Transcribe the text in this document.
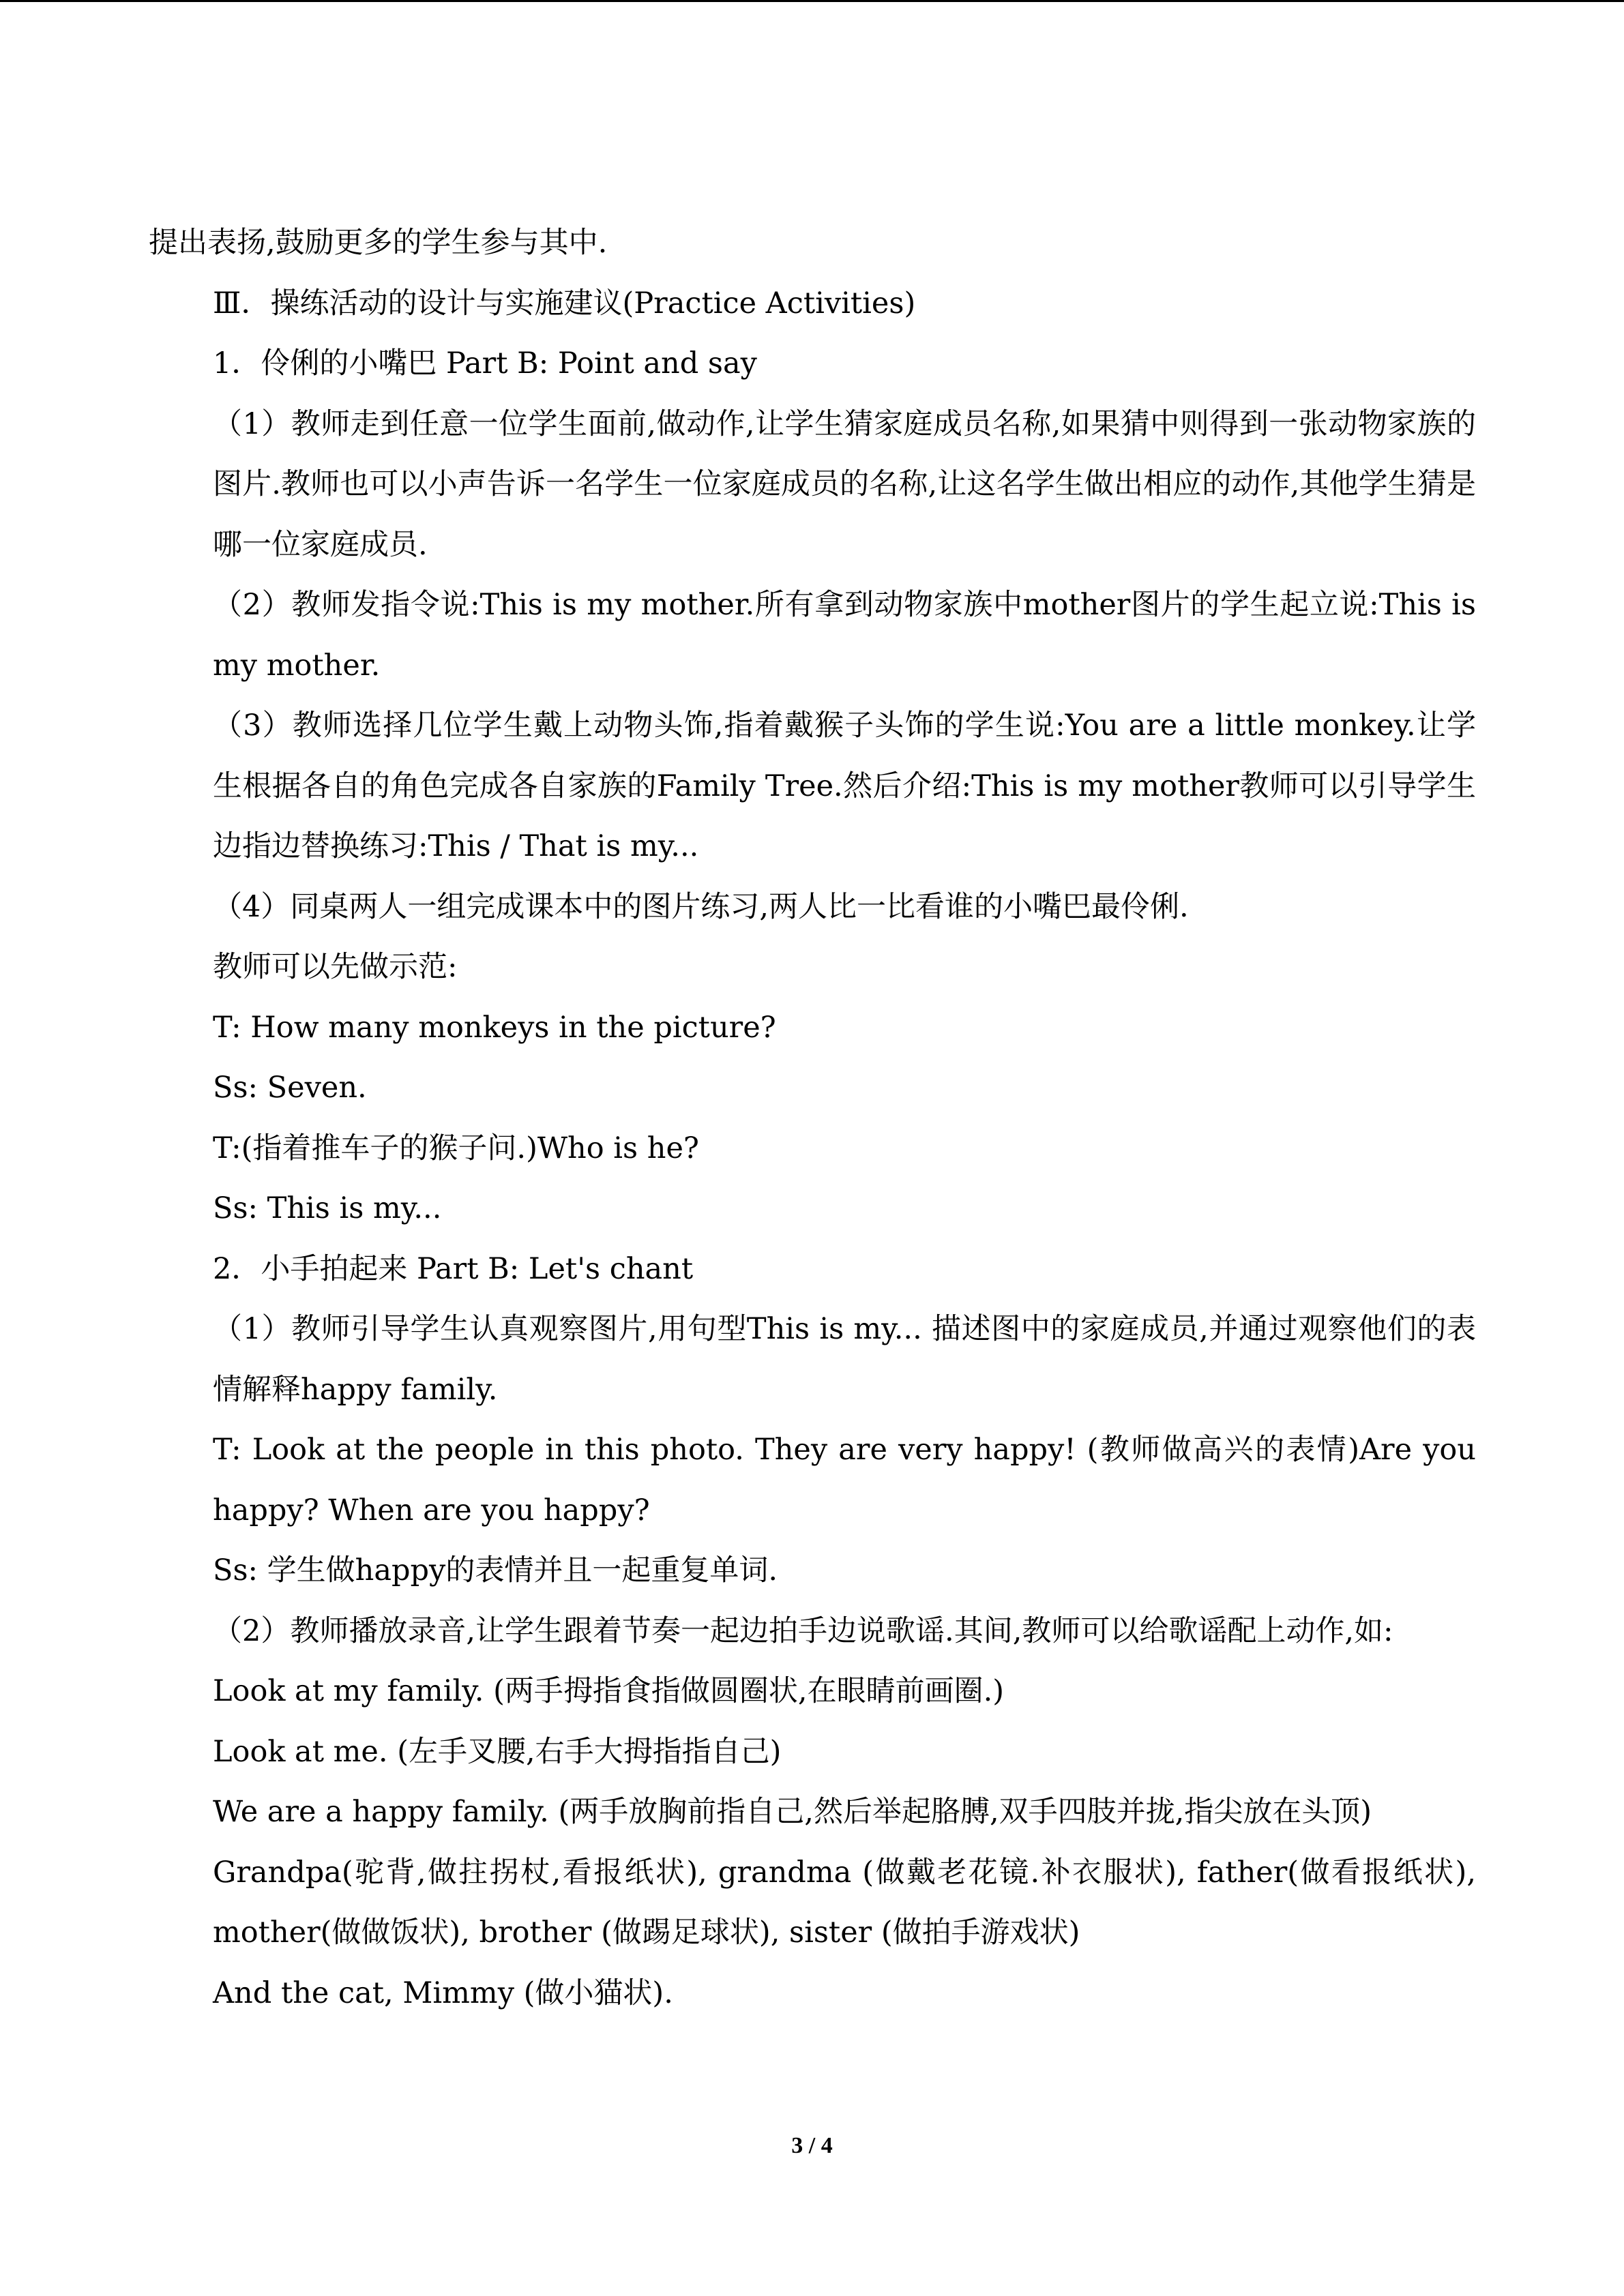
提出表扬,鼓励更多的学生参与其中.

Ⅲ．操练活动的设计与实施建议(Practice Activities)

1．伶俐的小嘴巴 Part B: Point and say

（1）教师走到任意一位学生面前,做动作,让学生猜家庭成员名称,如果猜中则得到一张动物家族的图片.教师也可以小声告诉一名学生一位家庭成员的名称,让这名学生做出相应的动作,其他学生猜是哪一位家庭成员.

（2）教师发指令说:This is my mother.所有拿到动物家族中mother图片的学生起立说:This is my mother.

（3）教师选择几位学生戴上动物头饰,指着戴猴子头饰的学生说:You are a little monkey.让学生根据各自的角色完成各自家族的Family Tree.然后介绍:This is my mother教师可以引导学生边指边替换练习:This / That is my...

（4）同桌两人一组完成课本中的图片练习,两人比一比看谁的小嘴巴最伶俐.

教师可以先做示范:

T: How many monkeys in the picture?

Ss: Seven.

T:(指着推车子的猴子问.)Who is he?

Ss: This is my...

2．小手拍起来 Part B: Let's chant

（1）教师引导学生认真观察图片,用句型This is my... 描述图中的家庭成员,并通过观察他们的表情解释happy family.

T: Look at the people in this photo. They are very happy! (教师做高兴的表情)Are you happy? When are you happy?

Ss: 学生做happy的表情并且一起重复单词.

（2）教师播放录音,让学生跟着节奏一起边拍手边说歌谣.其间,教师可以给歌谣配上动作,如:

Look at my family. (两手拇指食指做圆圈状,在眼睛前画圈.)

Look at me. (左手叉腰,右手大拇指指自己)

We are a happy family. (两手放胸前指自己,然后举起胳膊,双手四肢并拢,指尖放在头顶)

Grandpa(驼背,做拄拐杖,看报纸状), grandma (做戴老花镜.补衣服状), father(做看报纸状), mother(做做饭状), brother (做踢足球状), sister (做拍手游戏状)

And the cat, Mimmy (做小猫状).

3 / 4
